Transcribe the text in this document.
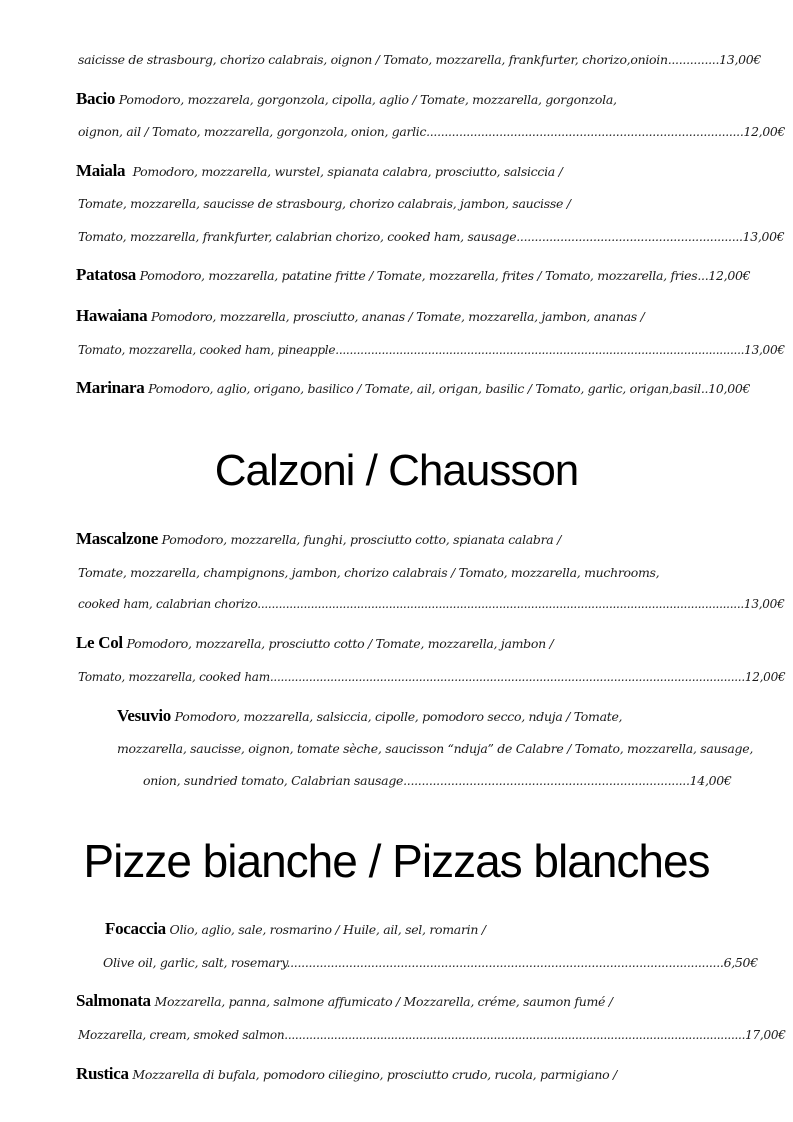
saicisse de strasbourg, chorizo calabrais, oignon / Tomato, mozzarella, frankfurter, chorizo,onioin..............13,00€
Bacio Pomodoro, mozzarela, gorgonzola, cipolla, aglio / Tomate, mozzarella, gorgonzola,
oignon, ail / Tomato, mozzarella, gorgonzola, onion, garlic.......................................................................................12,00€
Maiala Pomodoro, mozzarella, wurstel, spianata calabra, prosciutto, salsiccia /
Tomate, mozzarella, saucisse de strasbourg, chorizo calabrais, jambon, saucisse /
Tomato, mozzarella, frankfurter, calabrian chorizo, cooked ham, sausage..............................................................13,00€
Patatosa Pomodoro, mozzarella, patatine fritte / Tomate, mozzarella, frites / Tomato, mozzarella, fries...12,00€
Hawaiana Pomodoro, mozzarella, prosciutto, ananas / Tomate, mozzarella, jambon, ananas /
Tomato, mozzarella, cooked ham, pineapple...................................................................................................................13,00€
Marinara Pomodoro, aglio, origano, basilico / Tomate, ail, origan, basilic / Tomato, garlic, origan,basil..10,00€
Calzoni / Chausson
Mascalzone Pomodoro, mozzarella, funghi, prosciutto cotto, spianata calabra /
Tomate, mozzarella, champignons, jambon, chorizo calabrais / Tomato, mozzarella, muchrooms,
cooked ham, calabrian chorizo.........................................................................................................................................13,00€
Le Col Pomodoro, mozzarella, prosciutto cotto / Tomate, mozzarella, jambon /
Tomato, mozzarella, cooked ham......................................................................................................................................12,00€
Vesuvio Pomodoro, mozzarella, salsiccia, cipolle, pomodoro secco, nduja / Tomate,
mozzarella, saucisse, oignon, tomate sèche, saucisson “nduja” de Calabre / Tomato, mozzarella, sausage,
onion, sundried tomato, Calabrian sausage..............................................................................14,00€
Pizze bianche / Pizzas blanches
Focaccia Olio, aglio, sale, rosmarino / Huile, ail, sel, romarin /
Olive oil, garlic, salt, rosemary.......................................................................................................................6,50€
Salmonata Mozzarella, panna, salmone affumicato / Mozzarella, créme, saumon fumé /
Mozzarella, cream, smoked salmon..................................................................................................................................17,00€
Rustica Mozzarella di bufala, pomodoro ciliegino, prosciutto crudo, rucola, parmigiano /
